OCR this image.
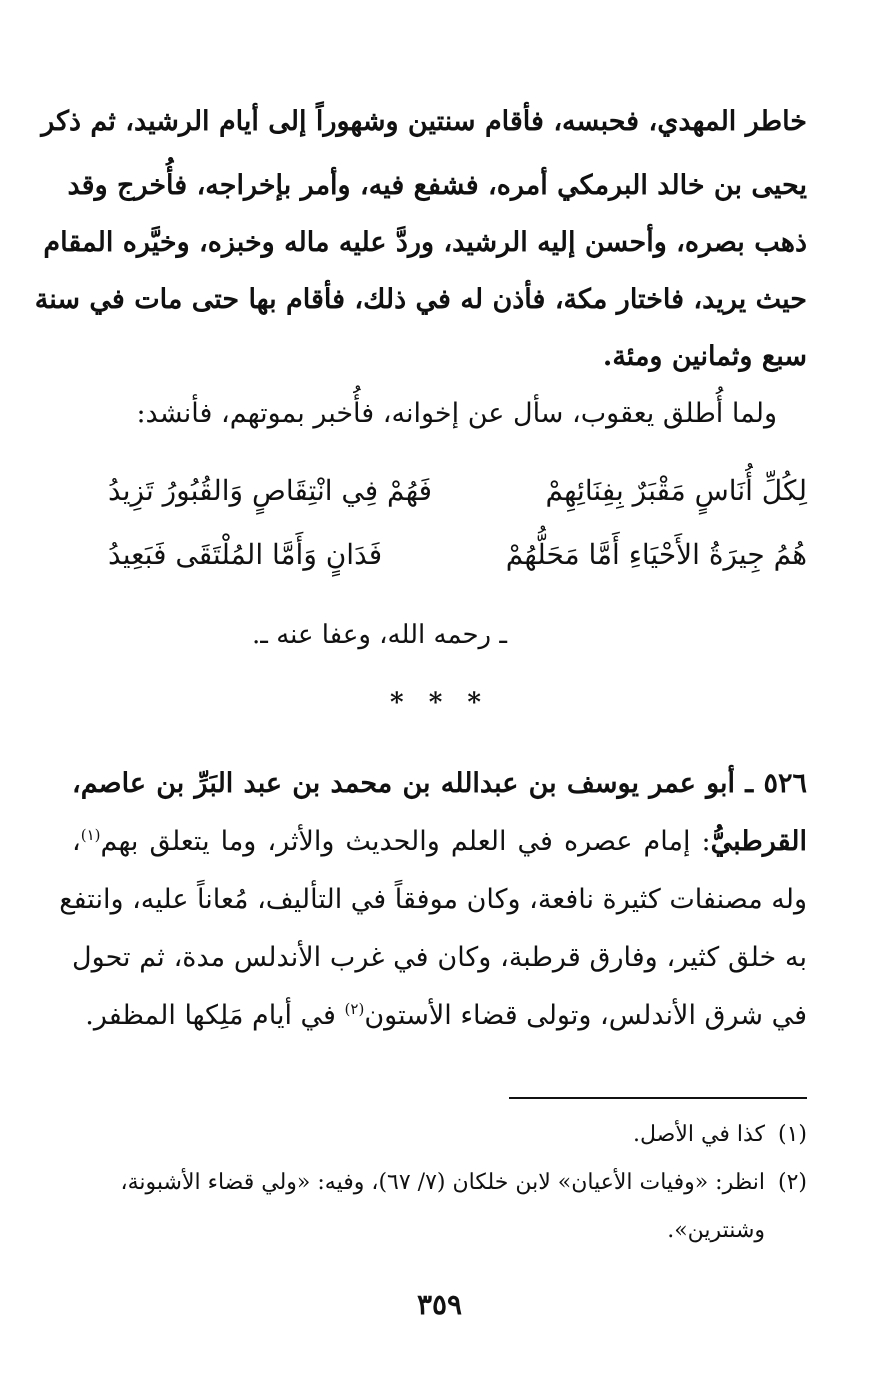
خاطر المهدي، فحبسه، فأقام سنتين وشهوراً إلى أيام الرشيد، ثم ذكر
يحيى بن خالد البرمكي أمره، فشفع فيه، وأمر بإخراجه، فأُخرج وقد
ذهب بصره، وأحسن إليه الرشيد، وردَّ عليه ماله وخبزه، وخيَّره المقام
حيث يريد، فاختار مكة، فأذن له في ذلك، فأقام بها حتى مات في سنة
سبع وثمانين ومئة.
ولما أُطلق يعقوب، سأل عن إخوانه، فأُخبر بموتهم، فأنشد:
لِكُلِّ أُنَاسٍ مَقْبَرٌ بِفِنَائِهِمْ
فَهُمْ فِي انْتِقَاصٍ وَالقُبُورُ تَزِيدُ
هُمُ جِيرَةُ الأَحْيَاءِ أَمَّا مَحَلُّهُمْ
فَدَانٍ وَأَمَّا المُلْتَقَى فَبَعِيدُ
ـ رحمه الله، وعفا عنه ـ.
* * *
٥٢٦ ـ أبو عمر يوسف بن عبدالله بن محمد بن عبد البَرِّ بن عاصم،
القرطبيُّ: إمام عصره في العلم والحديث والأثر، وما يتعلق بهم$^{(١)}$،
وله مصنفات كثيرة نافعة، وكان موفقاً في التأليف، مُعاناً عليه، وانتفع
به خلق كثير، وفارق قرطبة، وكان في غرب الأندلس مدة، ثم تحول
في شرق الأندلس، وتولى قضاء الأستون$^{(٢)}$ في أيام مَلِكها المظفر.
(١)كذا في الأصل.
(٢)انظر: «وفيات الأعيان» لابن خلكان (٧/ ٦٧)، وفيه: «ولي قضاء الأشبونة،
وشنترين».
٣٥٩
